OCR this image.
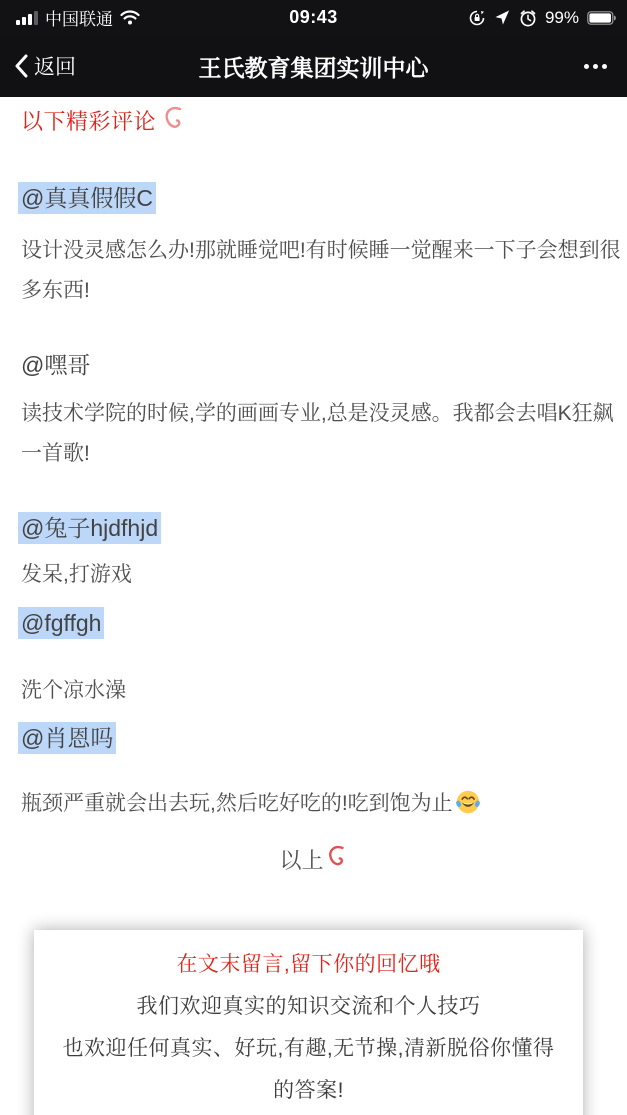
中国联通	09:43	99%
返回	王氏教育集团实训中心
以下精彩评论
@真真假假C
设计没灵感怎么办!那就睡觉吧!有时候睡一觉醒来一下子会想到很多东西!
@嘿哥
读技术学院的时候,学的画画专业,总是没灵感。我都会去唱K狂飙一首歌!
@兔子hjdfhjd
发呆,打游戏
@fgffgh
洗个凉水澡
@肖恩吗
瓶颈严重就会出去玩,然后吃好吃的!吃到饱为止
以上

在文末留言,留下你的回忆哦

我们欢迎真实的知识交流和个人技巧

也欢迎任何真实、好玩,有趣,无节操,清新脱俗你懂得的答案!
